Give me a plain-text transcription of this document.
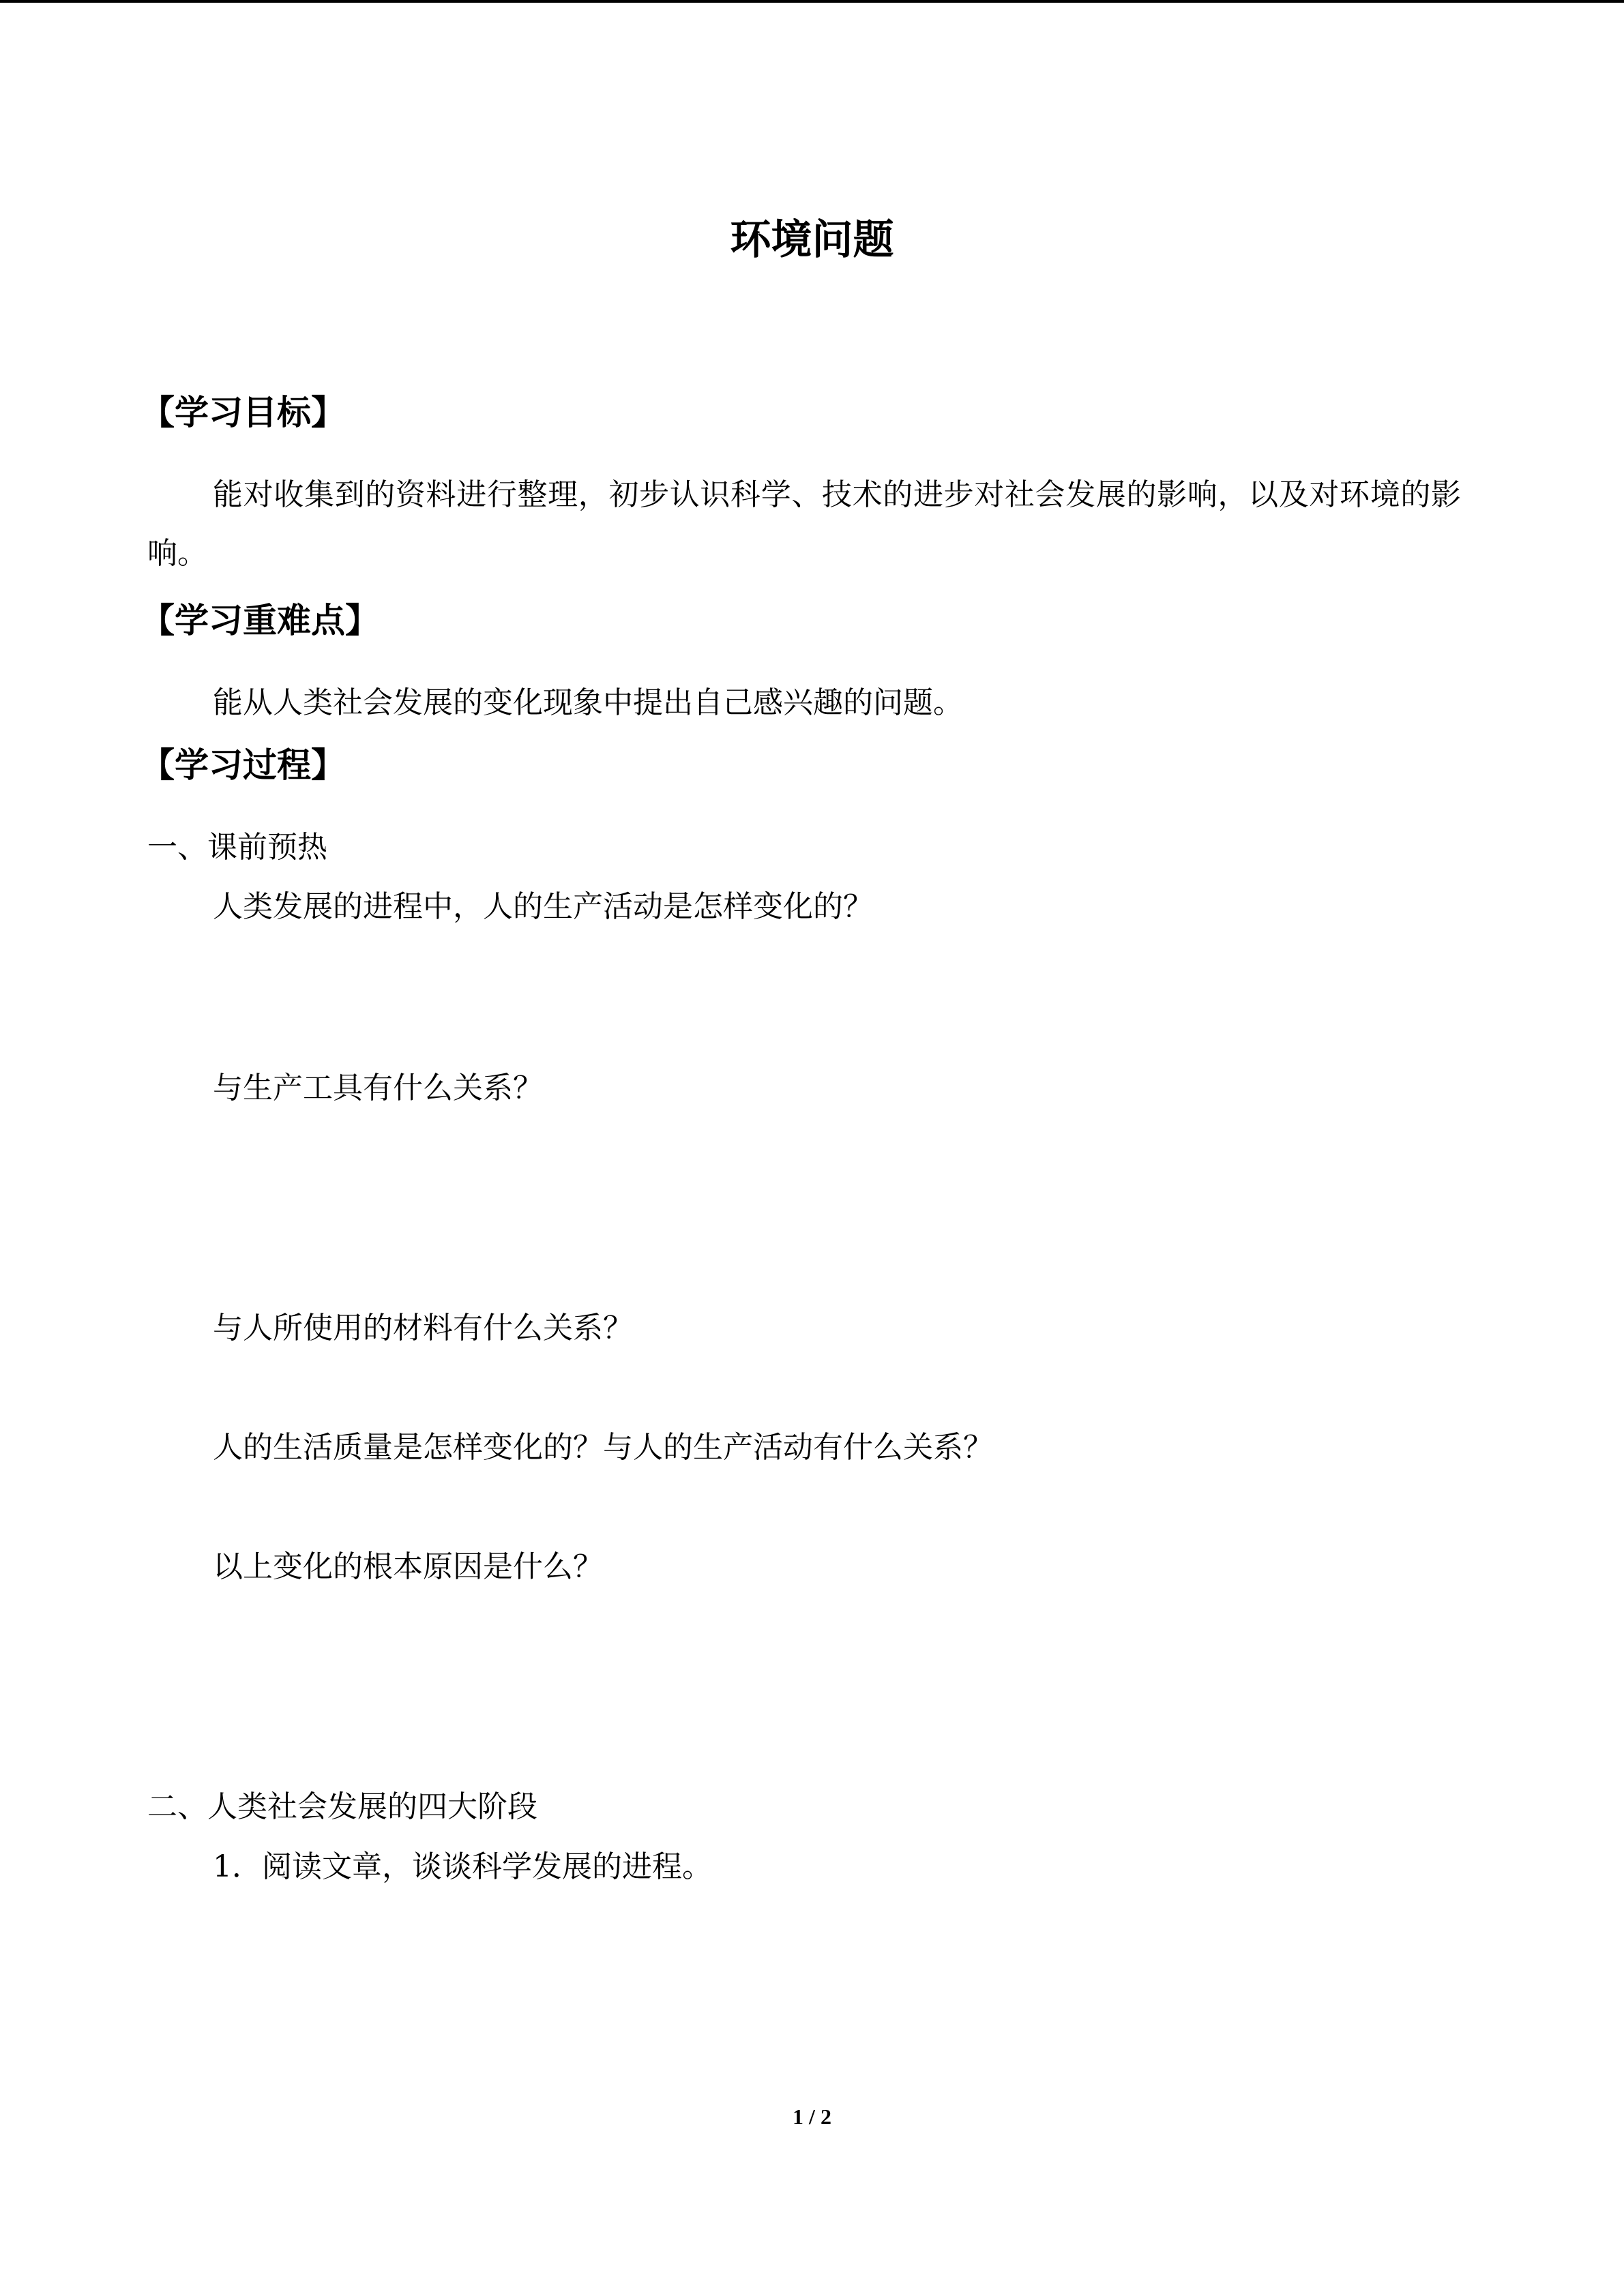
环境问题
【学习目标】
能对收集到的资料进行整理，初步认识科学、技术的进步对社会发展的影响，以及对环境的影响。
【学习重难点】
能从人类社会发展的变化现象中提出自己感兴趣的问题。
【学习过程】
一、课前预热
人类发展的进程中，人的生产活动是怎样变化的？
与生产工具有什么关系？
与人所使用的材料有什么关系？
人的生活质量是怎样变化的？与人的生产活动有什么关系？
以上变化的根本原因是什么？
二、人类社会发展的四大阶段
1．阅读文章，谈谈科学发展的进程。
1 / 2
